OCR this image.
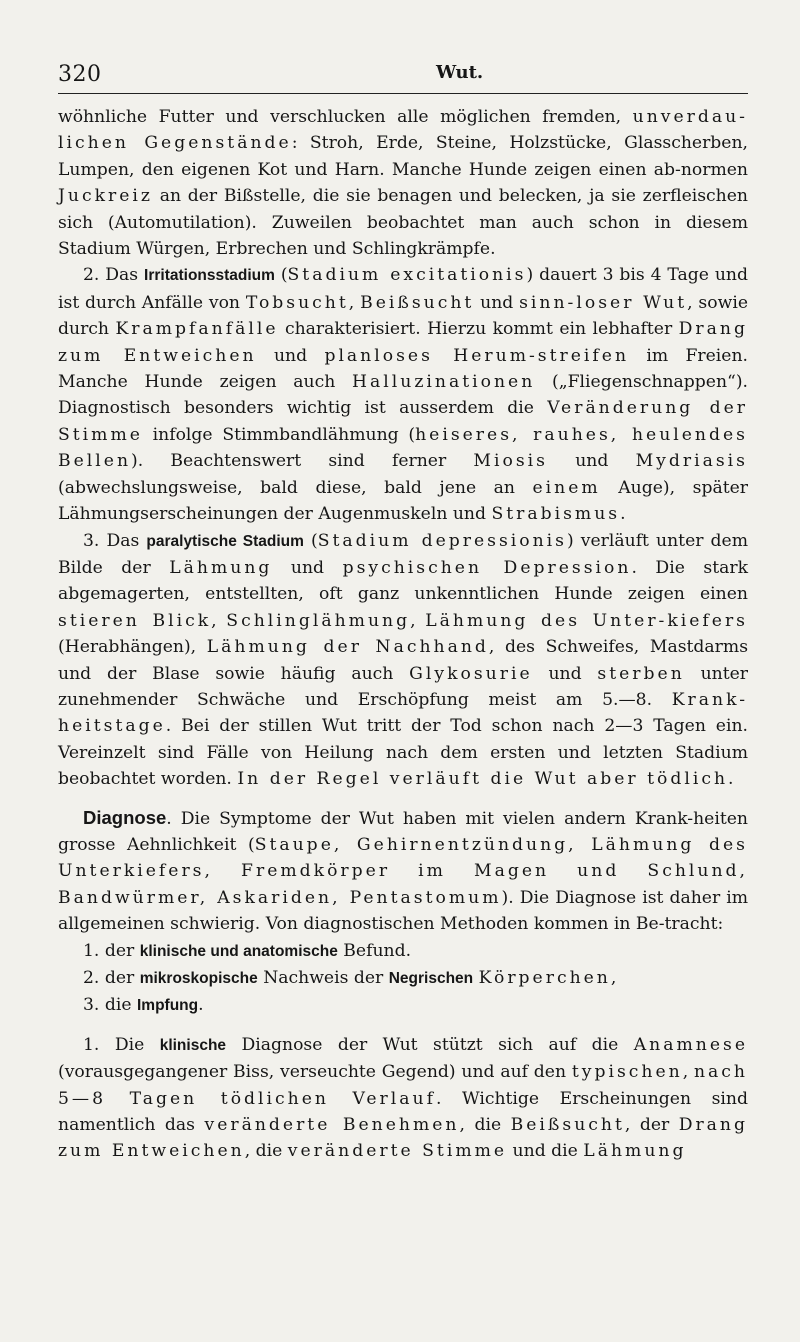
320	Wut.

wöhnliche Futter und verschlucken alle möglichen fremden, unverdau-lichen Gegenstände: Stroh, Erde, Steine, Holzstücke, Glasscherben, Lumpen, den eigenen Kot und Harn. Manche Hunde zeigen einen ab-normen Juckreiz an der Bißstelle, die sie benagen und belecken, ja sie zerfleischen sich (Automutilation). Zuweilen beobachtet man auch schon in diesem Stadium Würgen, Erbrechen und Schlingkrämpfe.

2. Das Irritationsstadium (Stadium excitationis) dauert 3 bis 4 Tage und ist durch Anfälle von Tobsucht, Beißsucht und sinn-loser Wut, sowie durch Krampfanfälle charakterisiert. Hierzu kommt ein lebhafter Drang zum Entweichen und planloses Herum-streifen im Freien. Manche Hunde zeigen auch Halluzinationen („Fliegenschnappen“). Diagnostisch besonders wichtig ist ausserdem die Veränderung der Stimme infolge Stimmbandlähmung (heiseres, rauhes, heulendes Bellen). Beachtenswert sind ferner Miosis und Mydriasis (abwechslungsweise, bald diese, bald jene an einem Auge), später Lähmungserscheinungen der Augenmuskeln und Strabismus.

3. Das paralytische Stadium (Stadium depressionis) verläuft unter dem Bilde der Lähmung und psychischen Depression. Die stark abgemagerten, entstellten, oft ganz unkenntlichen Hunde zeigen einen stieren Blick, Schlinglähmung, Lähmung des Unter-kiefers (Herabhängen), Lähmung der Nachhand, des Schweifes, Mastdarms und der Blase sowie häufig auch Glykosurie und sterben unter zunehmender Schwäche und Erschöpfung meist am 5.—8. Krank-heitstage. Bei der stillen Wut tritt der Tod schon nach 2—3 Tagen ein. Vereinzelt sind Fälle von Heilung nach dem ersten und letzten Stadium beobachtet worden. In der Regel verläuft die Wut aber tödlich.

Diagnose. Die Symptome der Wut haben mit vielen andern Krank-heiten grosse Aehnlichkeit (Staupe, Gehirnentzündung, Lähmung des Unterkiefers, Fremdkörper im Magen und Schlund, Bandwürmer, Askariden, Pentastomum). Die Diagnose ist daher im allgemeinen schwierig. Von diagnostischen Methoden kommen in Be-tracht:

1. der klinische und anatomische Befund.

2. der mikroskopische Nachweis der Negrischen Körperchen,

3. die Impfung.

1. Die klinische Diagnose der Wut stützt sich auf die Anamnese (vorausgegangener Biss, verseuchte Gegend) und auf den typischen, nach 5—8 Tagen tödlichen Verlauf. Wichtige Erscheinungen sind namentlich das veränderte Benehmen, die Beißsucht, der Drang zum Entweichen, die veränderte Stimme und die Lähmung
